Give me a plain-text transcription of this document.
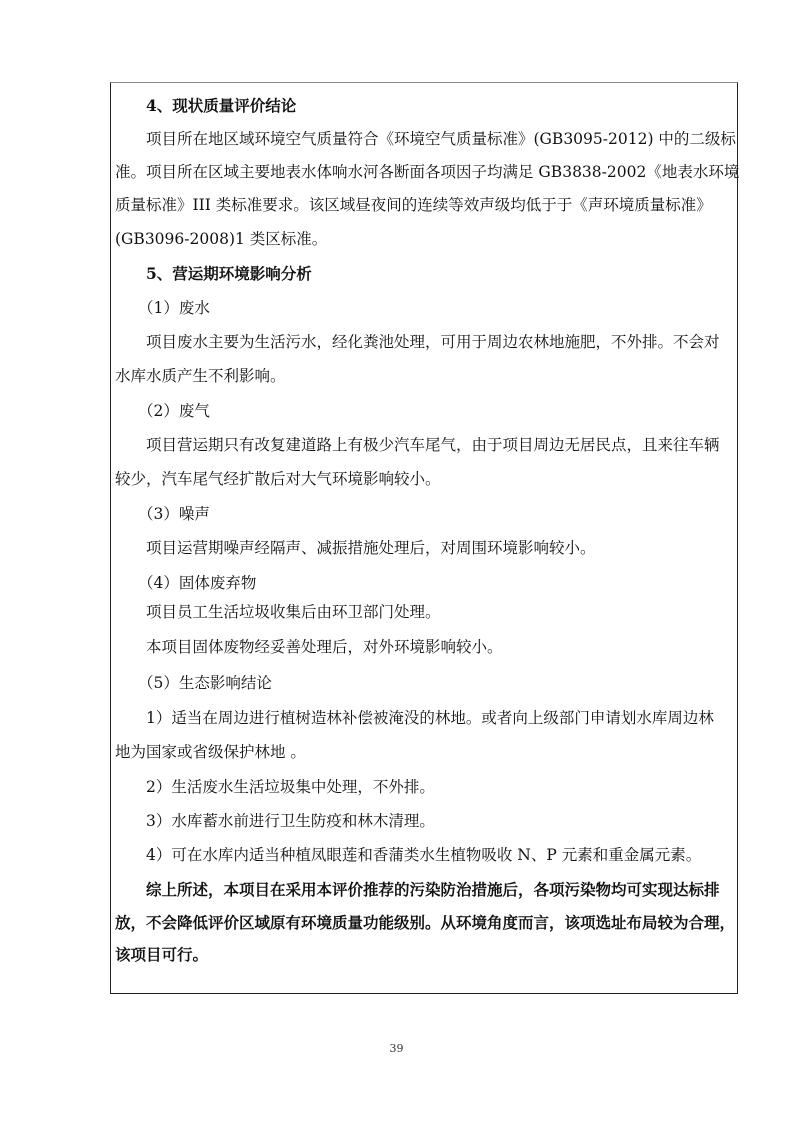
4、现状质量评价结论
项目所在地区域环境空气质量符合《环境空气质量标准》(GB3095-2012) 中的二级标
准。项目所在区域主要地表水体响水河各断面各项因子均满足 GB3838-2002《地表水环境
质量标准》III 类标准要求。该区域昼夜间的连续等效声级均低于于《声环境质量标准》
(GB3096-2008)1 类区标准。
5、营运期环境影响分析
（1）废水
项目废水主要为生活污水，经化粪池处理，可用于周边农林地施肥，不外排。不会对
水库水质产生不利影响。
（2）废气
项目营运期只有改复建道路上有极少汽车尾气，由于项目周边无居民点，且来往车辆
较少，汽车尾气经扩散后对大气环境影响较小。
（3）噪声
项目运营期噪声经隔声、减振措施处理后，对周围环境影响较小。
（4）固体废弃物
项目员工生活垃圾收集后由环卫部门处理。
本项目固体废物经妥善处理后，对外环境影响较小。
（5）生态影响结论
1）适当在周边进行植树造林补偿被淹没的林地。或者向上级部门申请划水库周边林
地为国家或省级保护林地 。
2）生活废水生活垃圾集中处理，不外排。
3）水库蓄水前进行卫生防疫和林木清理。
4）可在水库内适当种植凤眼莲和香蒲类水生植物吸收 N、P 元素和重金属元素。
综上所述，本项目在采用本评价推荐的污染防治措施后，各项污染物均可实现达标排
放，不会降低评价区域原有环境质量功能级别。从环境角度而言，该项选址布局较为合理，
该项目可行。
39
